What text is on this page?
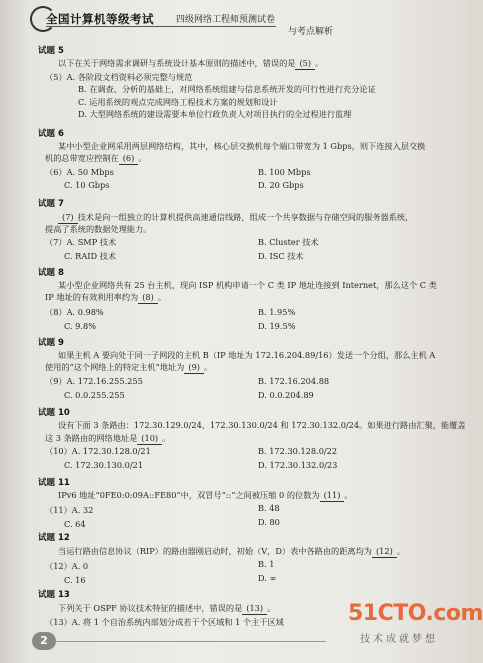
全国计算机等级考试 四级网络工程师预测试卷
与考点解析
试题 5
以下在关于网络需求调研与系统设计基本原则的描述中，错误的是 (5) 。
（5）A. 各阶段文档资料必须完整与规范
B. 在调查、分析的基础上，对网络系统组建与信息系统开发的可行性进行充分论证
C. 运用系统的观点完成网络工程技术方案的规划和设计
D. 大型网络系统的建设需要本单位行政负责人对项目执行的全过程进行监理
试题 6
某中小型企业网采用两层网络结构，其中，核心层交换机每个端口带宽为 1 Gbps，则下连接入层交换
机的总带宽应控制在 (6) 。
（6）A. 50 Mbps	B. 100 Mbps
C. 10 Gbps	D. 20 Gbps
试题 7
(7) 技术是向一组独立的计算机提供高速通信线路，组成一个共享数据与存储空间的服务器系统，
提高了系统的数据处理能力。
（7）A. SMP 技术	B. Cluster 技术
C. RAID 技术	D. ISC 技术
试题 8
某小型企业网络共有 25 台主机，现向 ISP 机构申请一个 C 类 IP 地址连接到 Internet，那么这个 C 类
IP 地址的有效利用率约为 (8) 。
（8）A. 0.98%	B. 1.95%
C. 9.8%	D. 19.5%
试题 9
如果主机 A 要向处于同一子网段的主机 B（IP 地址为 172.16.204.89/16）发送一个分组，那么主机 A
使用的“这个网络上的特定主机”地址为 (9) 。
（9）A. 172.16.255.255	B. 172.16.204.88
C. 0.0.255.255	D. 0.0.204.89
试题 10
设有下面 3 条路由：172.30.129.0/24、172.30.130.0/24 和 172.30.132.0/24。如果进行路由汇聚，能覆盖
这 3 条路由的网络地址是 (10) 。
（10）A. 172.30.128.0/21	B. 172.30.128.0/22
C. 172.30.130.0/21	D. 172.30.132.0/23
试题 11
IPv6 地址“0FE0:0:09A::FE80”中，双冒号“::”之间被压缩 0 的位数为 (11) 。
（11）A. 32	B. 48
C. 64	D. 80
试题 12
当运行路由信息协议（RIP）的路由器刚启动时，初始（V，D）表中各路由的距离均为 (12) 。
（12）A. 0	B. 1
C. 16	D. ∞
试题 13
下列关于 OSPF 协议技术特征的描述中，错误的是 (13) 。
（13）A. 将 1 个自治系统内部划分成若干个区域和 1 个主干区域
2
51CTO.com
技术成就梦想
